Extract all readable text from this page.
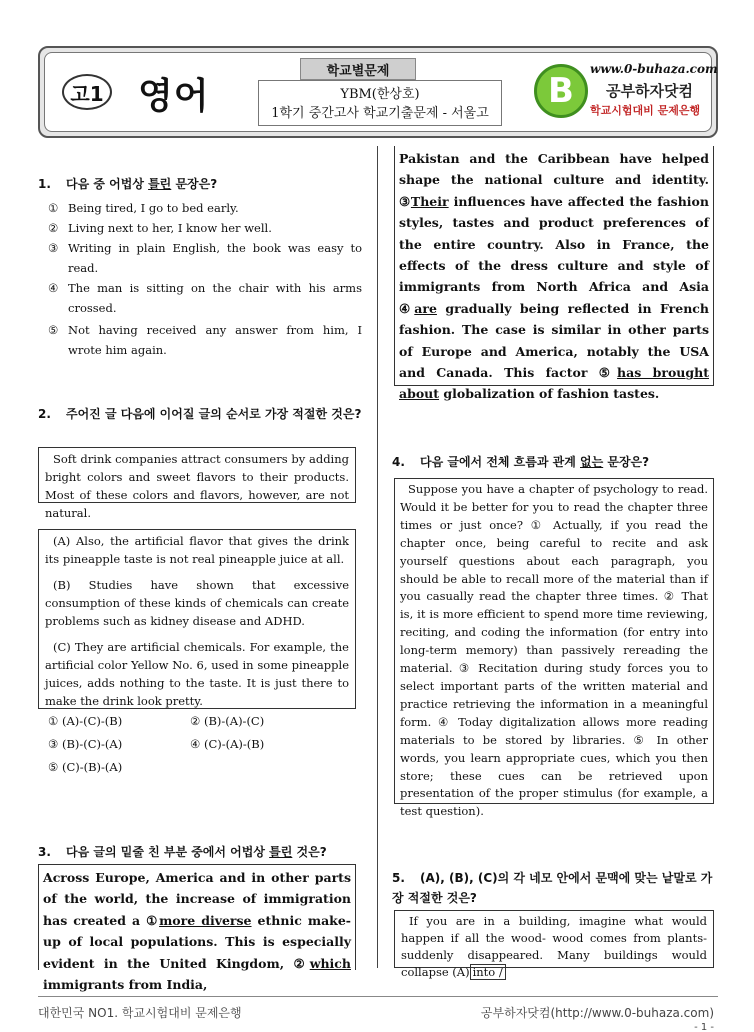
고1 영어
학교별문제
YBM(한상호)
1학기 중간고사 학교기출문제 - 서울고
B
www.0-buhaza.com
공부하자닷컴
학교시험대비 문제은행
1. 다음 중 어법상 틀린 문장은?
① Being tired, I go to bed early.
② Living next to her, I know her well.
③ Writing in plain English, the book was easy to read.
④ The man is sitting on the chair with his arms crossed.
⑤ Not having received any answer from him, I wrote him again.
2. 주어진 글 다음에 이어질 글의 순서로 가장 적절한 것은?

Soft drink companies attract consumers by adding bright colors and sweet flavors to their products. Most of these colors and flavors, however, are not natural.

(A) Also, the artificial flavor that gives the drink its pineapple taste is not real pineapple juice at all.

(B) Studies have shown that excessive consumption of these kinds of chemicals can create problems such as kidney disease and ADHD.

(C) They are artificial chemicals. For example, the artificial color Yellow No. 6, used in some pineapple juices, adds nothing to the taste. It is just there to make the drink look pretty.

① (A)-(C)-(B)	② (B)-(A)-(C)
③ (B)-(C)-(A)	④ (C)-(A)-(B)
⑤ (C)-(B)-(A)
3. 다음 글의 밑줄 친 부분 중에서 어법상 틀린 것은?
Across Europe, America and in other parts of the world, the increase of immigration has created a ①more diverse ethnic make-up of local populations. This is especially evident in the United Kingdom, ②which immigrants from India,
Pakistan and the Caribbean have helped shape the national culture and identity. ③Their influences have affected the fashion styles, tastes and product preferences of the entire country. Also in France, the effects of the dress culture and style of immigrants from North Africa and Asia ④are gradually being reflected in French fashion. The case is similar in other parts of Europe and America, notably the USA and Canada. This factor ⑤has brought about globalization of fashion tastes.
4. 다음 글에서 전체 흐름과 관계 없는 문장은?

Suppose you have a chapter of psychology to read. Would it be better for you to read the chapter three times or just once? ① Actually, if you read the chapter once, being careful to recite and ask yourself questions about each paragraph, you should be able to recall more of the material than if you casually read the chapter three times. ② That is, it is more efficient to spend more time reviewing, reciting, and coding the information (for entry into long-term memory) than passively rereading the material. ③ Recitation during study forces you to select important parts of the written material and practice retrieving the information in a meaningful form. ④ Today digitalization allows more reading materials to be stored by libraries. ⑤ In other words, you learn appropriate cues, which you then store; these cues can be retrieved upon presentation of the proper stimulus (for example, a test question).

5. (A), (B), (C)의 각 네모 안에서 문맥에 맞는 낱말로 가장 적절한 것은?

If you are in a building, imagine what would happen if all the wood- wood comes from plants- suddenly disappeared. Many buildings would collapse (A) into /

대한민국 NO1. 학교시험대비 문제은행	공부하자닷컴(http://www.0-buhaza.com)
- 1 -
